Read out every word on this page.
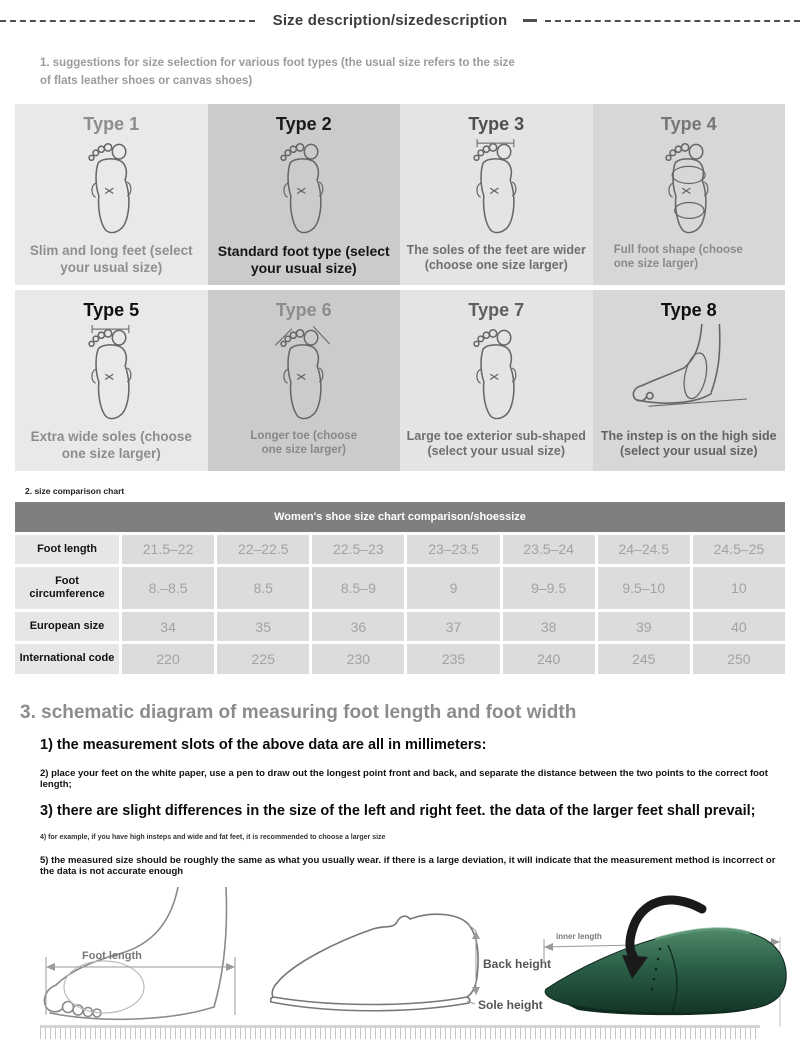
Size description/sizedescription
1. suggestions for size selection for various foot types (the usual size refers to the size of flats leather shoes or canvas shoes)
Type 1
Slim and long feet (select your usual size)
Type 2
Standard foot type (select your usual size)
Type 3
The soles of the feet are wider (choose one size larger)
Type 4
Full foot shape (choose one size larger)
Type 5
Extra wide soles (choose one size larger)
Type 6
Longer toe (choose one size larger)
Type 7
Large toe exterior sub-shaped (select your usual size)
Type 8
The instep is on the high side (select your usual size)
2. size comparison chart
Women's shoe size chart comparison/shoessize
Foot length	21.5–22	22–22.5	22.5–23	23–23.5	23.5–24	24–24.5	24.5–25
Foot circumference	8.–8.5	8.5	8.5–9	9	9–9.5	9.5–10	10
European size	34	35	36	37	38	39	40
International code	220	225	230	235	240	245	250
3. schematic diagram of measuring foot length and foot width
1) the measurement slots of the above data are all in millimeters:
2) place your feet on the white paper, use a pen to draw out the longest point front and back, and separate the distance between the two points to the correct foot length;
3) there are slight differences in the size of the left and right feet. the data of the larger feet shall prevail;
4) for example, if you have high insteps and wide and fat feet, it is recommended to choose a larger size
5) the measured size should be roughly the same as what you usually wear. if there is a large deviation, it will indicate that the measurement method is incorrect or the data is not accurate enough
Foot length
Back height
Sole height
inner length
